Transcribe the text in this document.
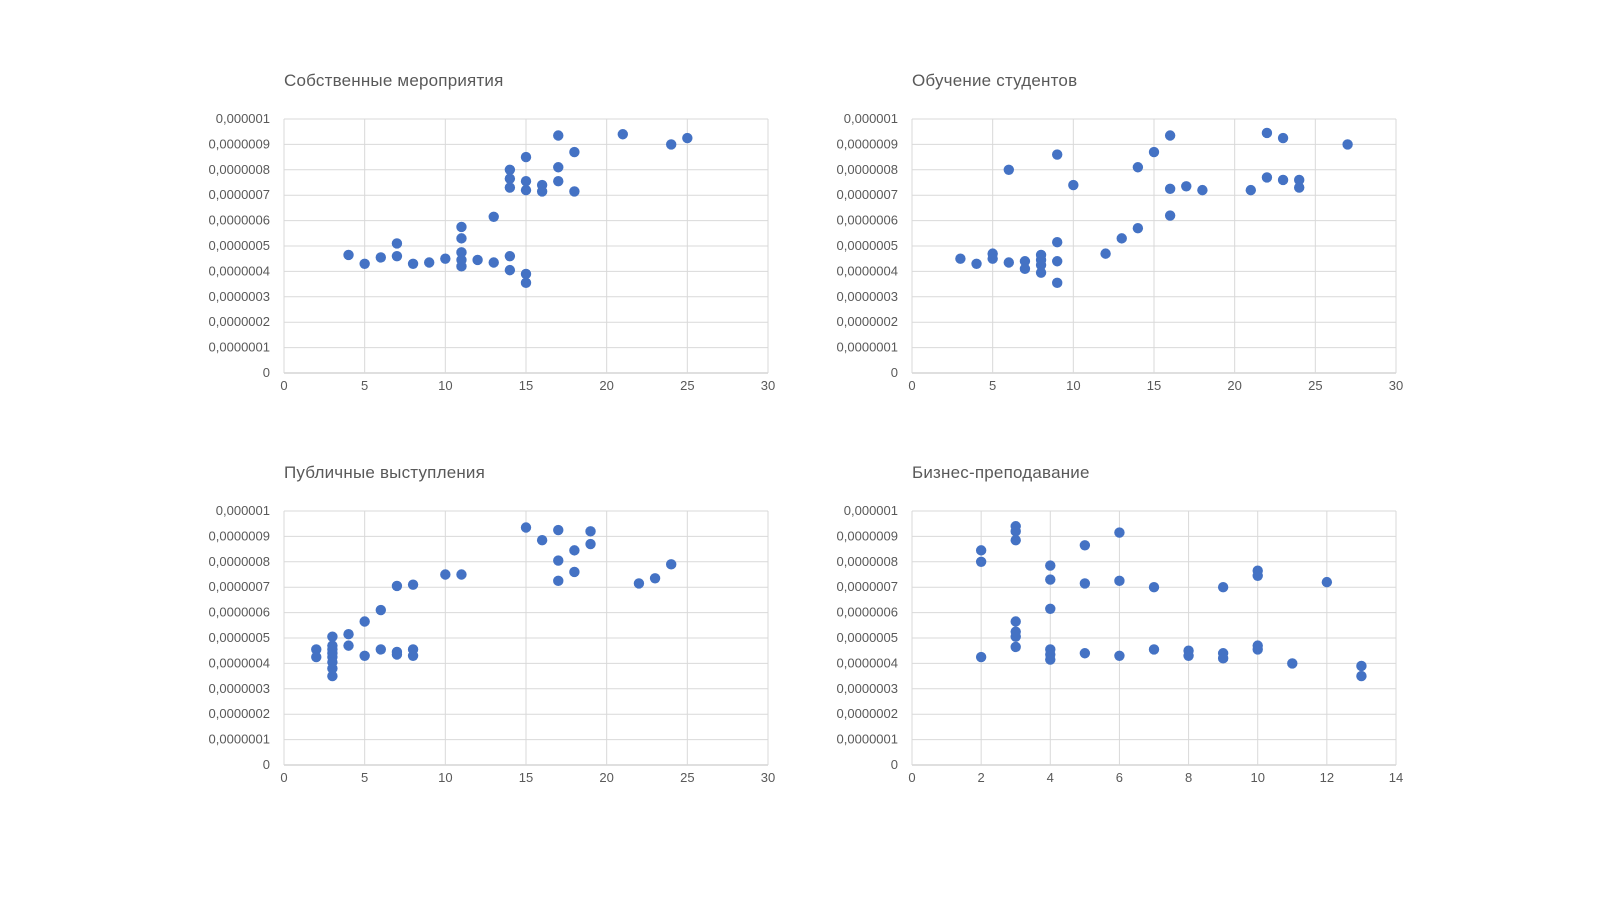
Собственные мероприятия
0
0,0000001
0,0000002
0,0000003
0,0000004
0,0000005
0,0000006
0,0000007
0,0000008
0,0000009
0,000001
0	5	10	15	20	25	30
Обучение студентов
0
0,0000001
0,0000002
0,0000003
0,0000004
0,0000005
0,0000006
0,0000007
0,0000008
0,0000009
0,000001
0	5	10	15	20	25	30
Публичные выступления
0
0,0000001
0,0000002
0,0000003
0,0000004
0,0000005
0,0000006
0,0000007
0,0000008
0,0000009
0,000001
0	5	10	15	20	25	30
Бизнес-преподавание
0
0,0000001
0,0000002
0,0000003
0,0000004
0,0000005
0,0000006
0,0000007
0,0000008
0,0000009
0,000001
0	2	4	6	8	10	12	14
